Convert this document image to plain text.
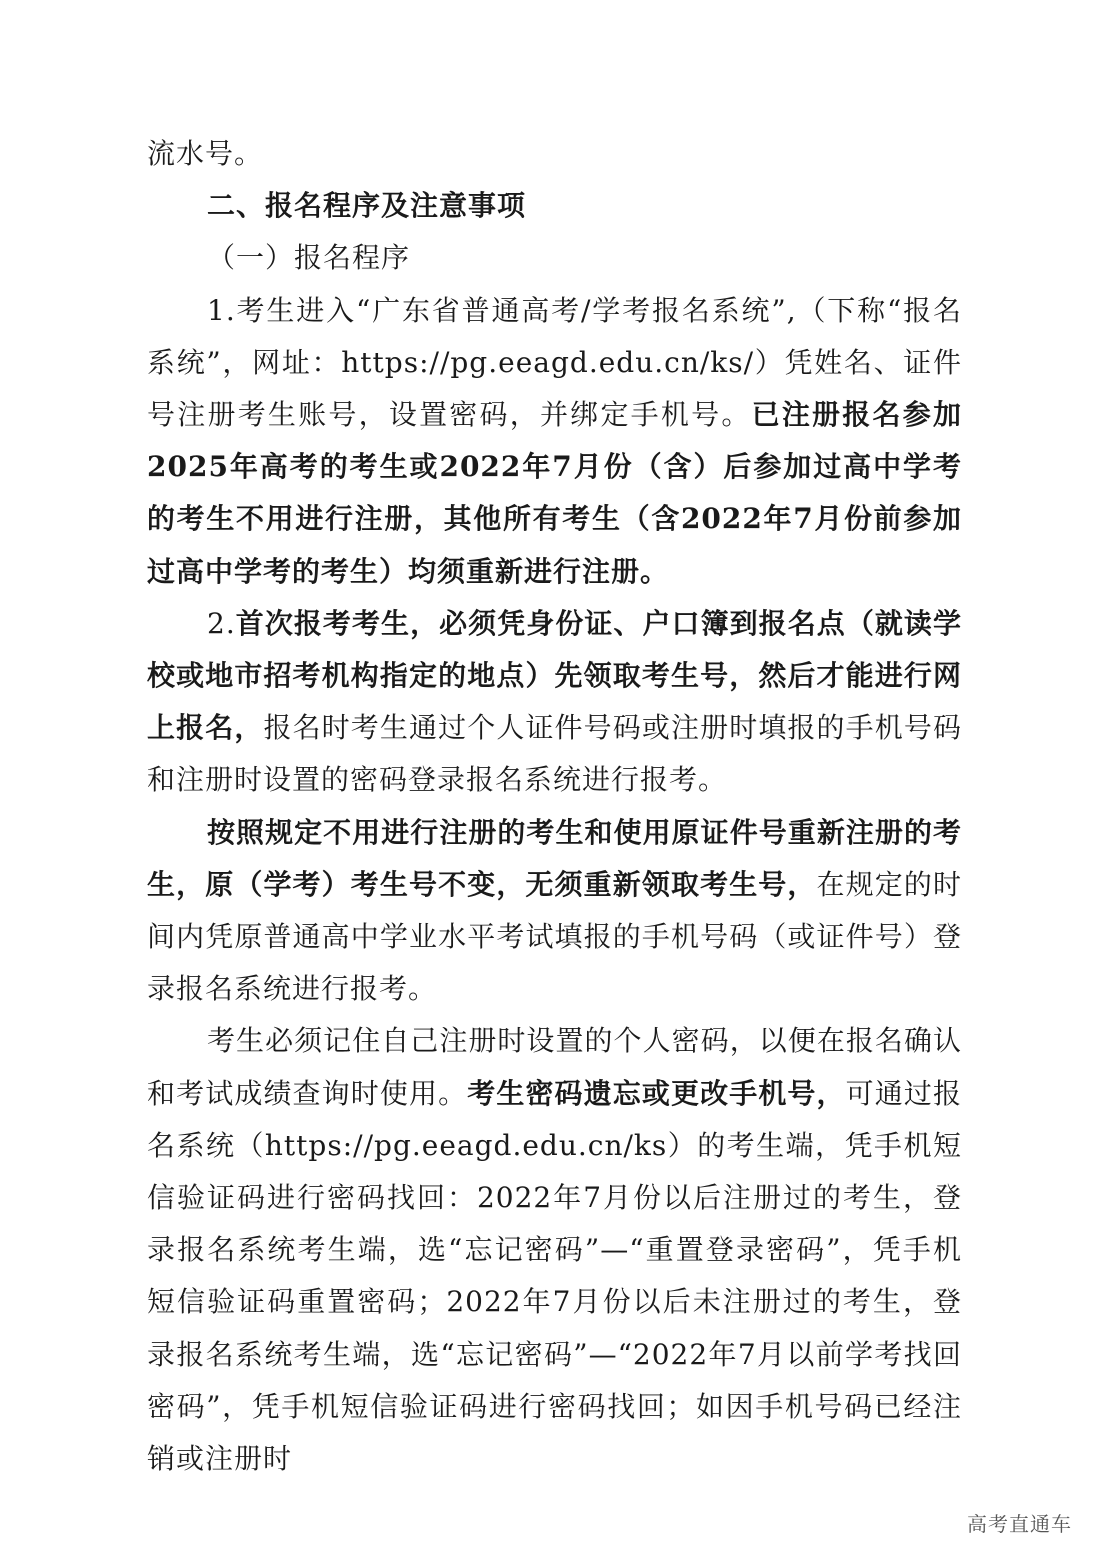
流水号。

二、报名程序及注意事项

（一）报名程序

1.考生进入“广东省普通高考/学考报名系统”,（下称“报名系统”，网址：https://pg.eeagd.edu.cn/ks/）凭姓名、证件号注册考生账号，设置密码，并绑定手机号。已注册报名参加2025年高考的考生或2022年7月份（含）后参加过高中学考的考生不用进行注册，其他所有考生（含2022年7月份前参加过高中学考的考生）均须重新进行注册。

2.首次报考考生，必须凭身份证、户口簿到报名点（就读学校或地市招考机构指定的地点）先领取考生号，然后才能进行网上报名，报名时考生通过个人证件号码或注册时填报的手机号码和注册时设置的密码登录报名系统进行报考。

按照规定不用进行注册的考生和使用原证件号重新注册的考生，原（学考）考生号不变，无须重新领取考生号，在规定的时间内凭原普通高中学业水平考试填报的手机号码（或证件号）登录报名系统进行报考。

考生必须记住自己注册时设置的个人密码，以便在报名确认和考试成绩查询时使用。考生密码遗忘或更改手机号，可通过报名系统（https://pg.eeagd.edu.cn/ks）的考生端，凭手机短信验证码进行密码找回：2022年7月份以后注册过的考生，登录报名系统考生端，选“忘记密码”—“重置登录密码”，凭手机短信验证码重置密码；2022年7月份以后未注册过的考生，登录报名系统考生端，选“忘记密码”—“2022年7月以前学考找回密码”，凭手机短信验证码进行密码找回；如因手机号码已经注销或注册时

高考直通车
